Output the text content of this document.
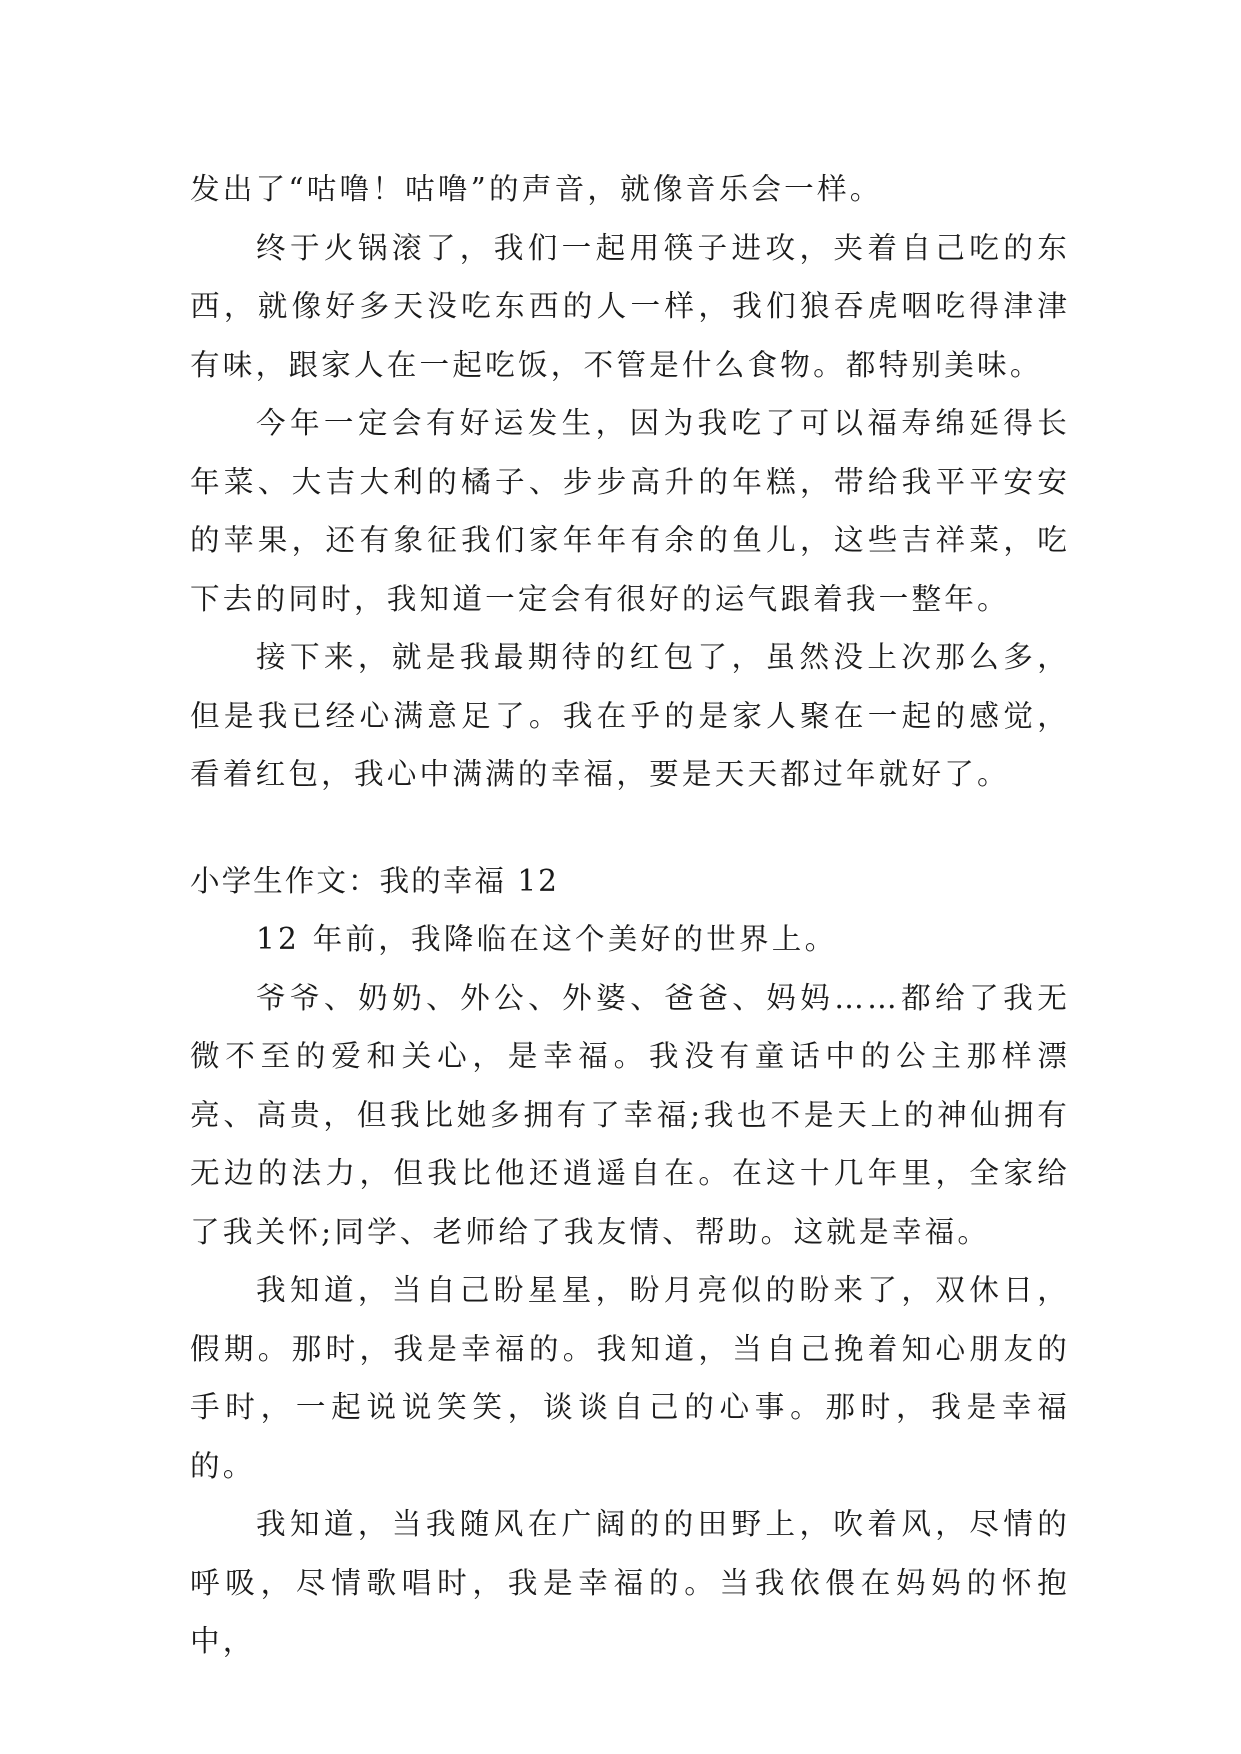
发出了“咕噜！咕噜”的声音，就像音乐会一样。

终于火锅滚了，我们一起用筷子进攻，夹着自己吃的东西，就像好多天没吃东西的人一样，我们狼吞虎咽吃得津津有味，跟家人在一起吃饭，不管是什么食物。都特别美味。

今年一定会有好运发生，因为我吃了可以福寿绵延得长年菜、大吉大利的橘子、步步高升的年糕，带给我平平安安的苹果，还有象征我们家年年有余的鱼儿，这些吉祥菜，吃下去的同时，我知道一定会有很好的运气跟着我一整年。

接下来，就是我最期待的红包了，虽然没上次那么多，但是我已经心满意足了。我在乎的是家人聚在一起的感觉，看着红包，我心中满满的幸福，要是天天都过年就好了。

小学生作文：我的幸福 12

12 年前，我降临在这个美好的世界上。

爷爷、奶奶、外公、外婆、爸爸、妈妈……都给了我无微不至的爱和关心，是幸福。我没有童话中的公主那样漂亮、高贵，但我比她多拥有了幸福;我也不是天上的神仙拥有无边的法力，但我比他还逍遥自在。在这十几年里，全家给了我关怀;同学、老师给了我友情、帮助。这就是幸福。

我知道，当自己盼星星，盼月亮似的盼来了，双休日，假期。那时，我是幸福的。我知道，当自己挽着知心朋友的手时，一起说说笑笑，谈谈自己的心事。那时，我是幸福的。

我知道，当我随风在广阔的的田野上，吹着风，尽情的呼吸，尽情歌唱时，我是幸福的。当我依偎在妈妈的怀抱中，
